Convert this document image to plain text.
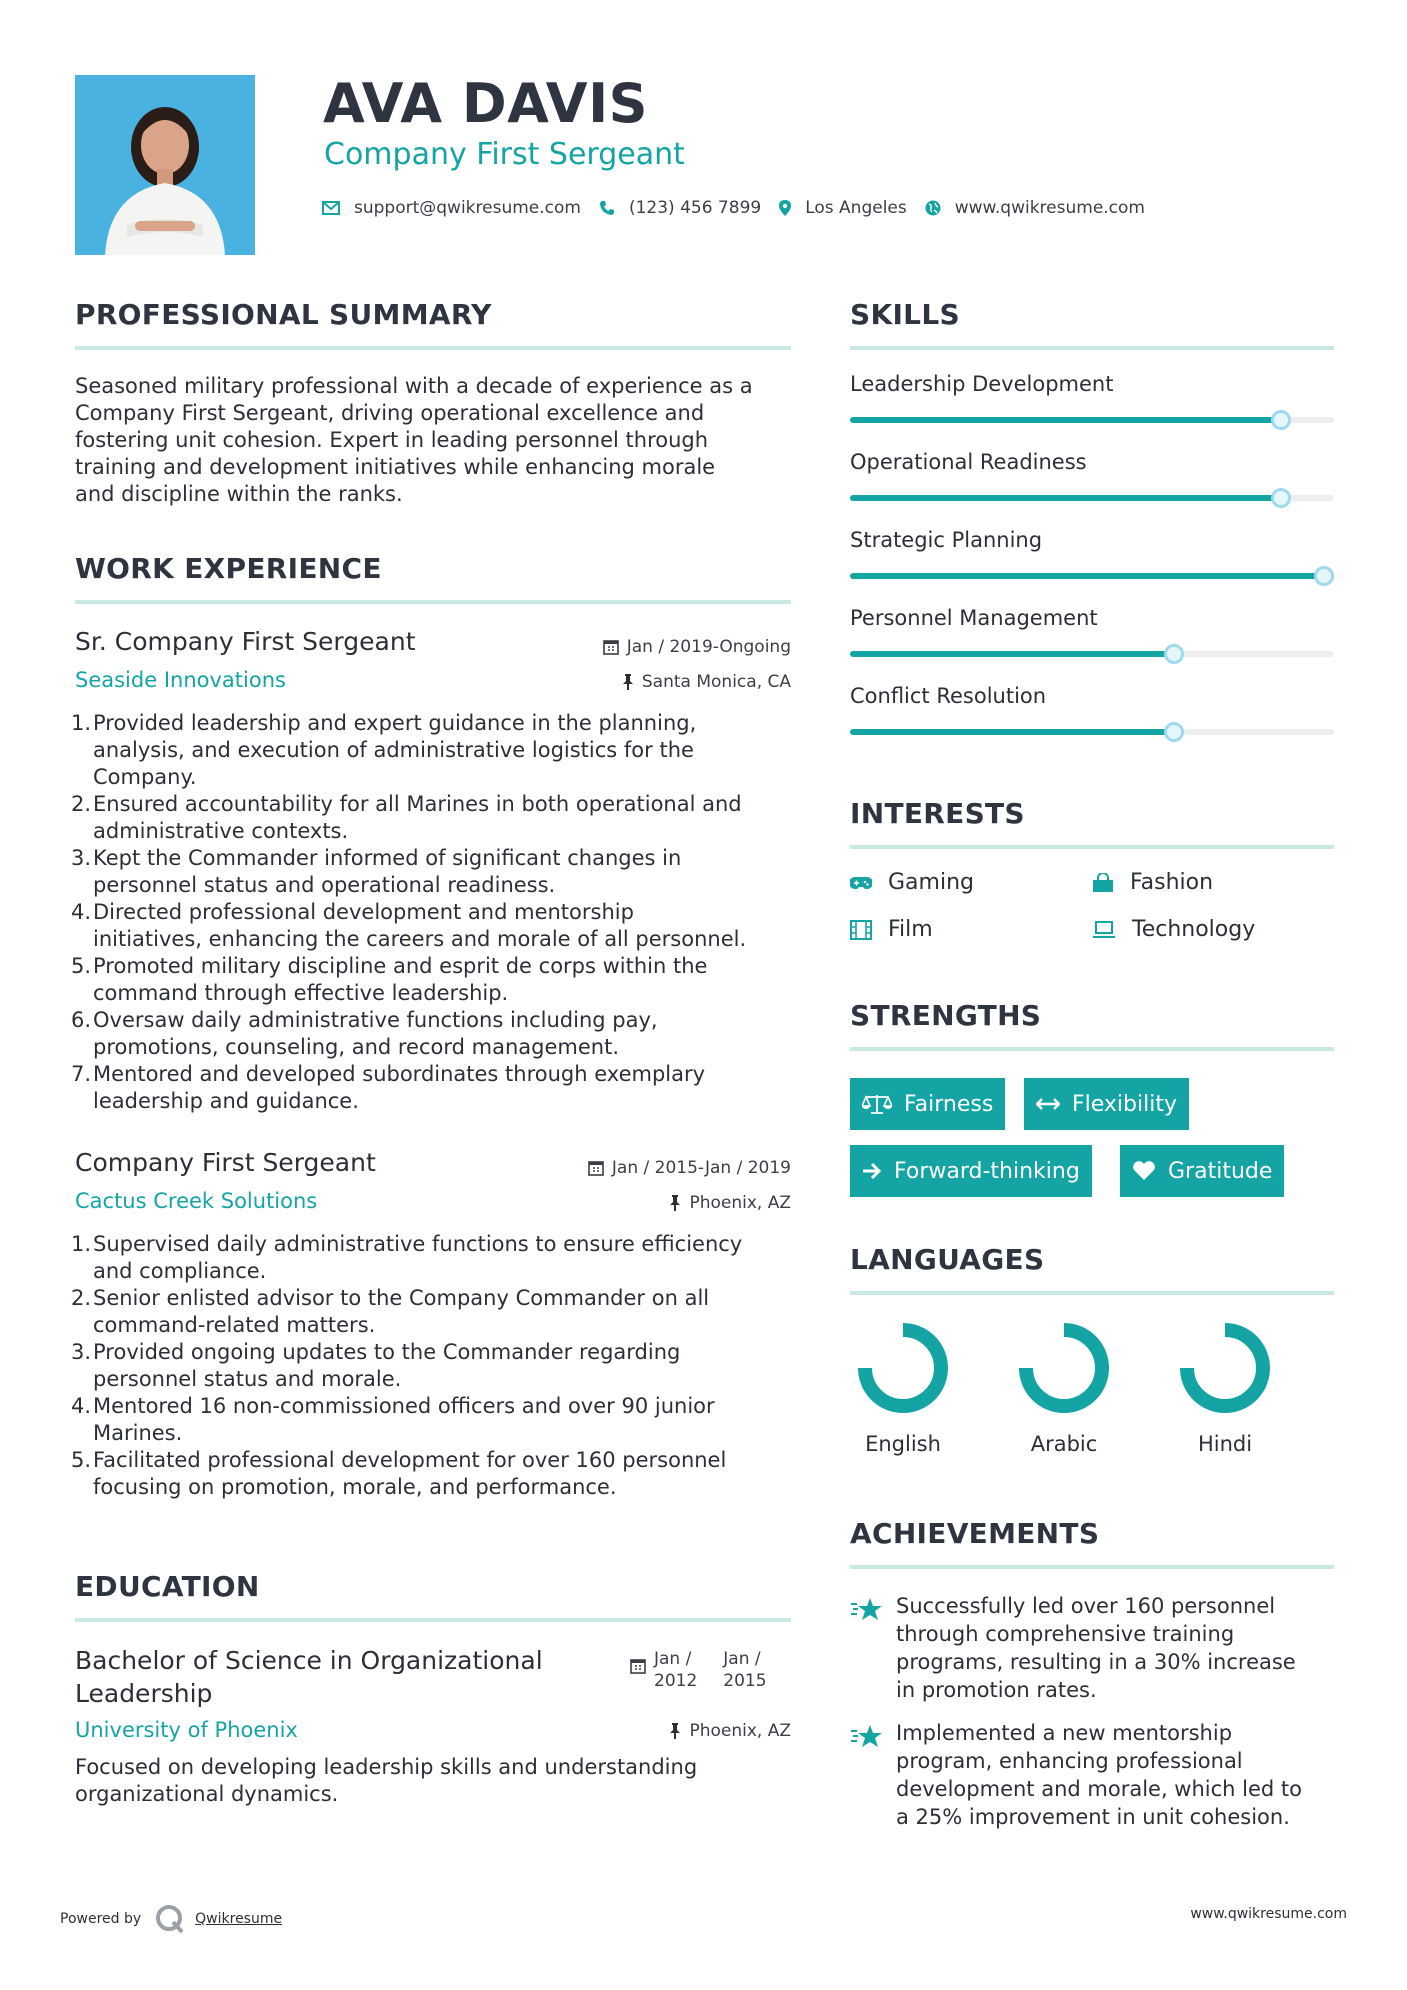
AVA DAVIS
Company First Sergeant
support@qwikresume.com	(123) 456 7899	Los Angeles	www.qwikresume.com
PROFESSIONAL SUMMARY
Seasoned military professional with a decade of experience as a
Company First Sergeant, driving operational excellence and
fostering unit cohesion. Expert in leading personnel through
training and development initiatives while enhancing morale
and discipline within the ranks.
WORK EXPERIENCE
Sr. Company First Sergeant	Jan / 2019-Ongoing
Seaside Innovations	Santa Monica, CA
1. Provided leadership and expert guidance in the planning,
analysis, and execution of administrative logistics for the
Company.
2. Ensured accountability for all Marines in both operational and
administrative contexts.
3. Kept the Commander informed of significant changes in
personnel status and operational readiness.
4. Directed professional development and mentorship
initiatives, enhancing the careers and morale of all personnel.
5. Promoted military discipline and esprit de corps within the
command through effective leadership.
6. Oversaw daily administrative functions including pay,
promotions, counseling, and record management.
7. Mentored and developed subordinates through exemplary
leadership and guidance.
Company First Sergeant	Jan / 2015-Jan / 2019
Cactus Creek Solutions	Phoenix, AZ
1. Supervised daily administrative functions to ensure efficiency
and compliance.
2. Senior enlisted advisor to the Company Commander on all
command-related matters.
3. Provided ongoing updates to the Commander regarding
personnel status and morale.
4. Mentored 16 non-commissioned officers and over 90 junior
Marines.
5. Facilitated professional development for over 160 personnel
focusing on promotion, morale, and performance.
EDUCATION
Bachelor of Science in Organizational
Leadership
Jan /
2012
Jan /
2015
University of Phoenix	Phoenix, AZ
Focused on developing leadership skills and understanding
organizational dynamics.
SKILLS
Leadership Development
Operational Readiness
Strategic Planning
Personnel Management
Conflict Resolution
INTERESTS
Gaming	Fashion
Film	Technology
STRENGTHS
Fairness	Flexibility
Forward-thinking	Gratitude
LANGUAGES
English	Arabic	Hindi
ACHIEVEMENTS
Successfully led over 160 personnel
through comprehensive training
programs, resulting in a 30% increase
in promotion rates.
Implemented a new mentorship
program, enhancing professional
development and morale, which led to
a 25% improvement in unit cohesion.
Powered by	Qwikresume	www.qwikresume.com
